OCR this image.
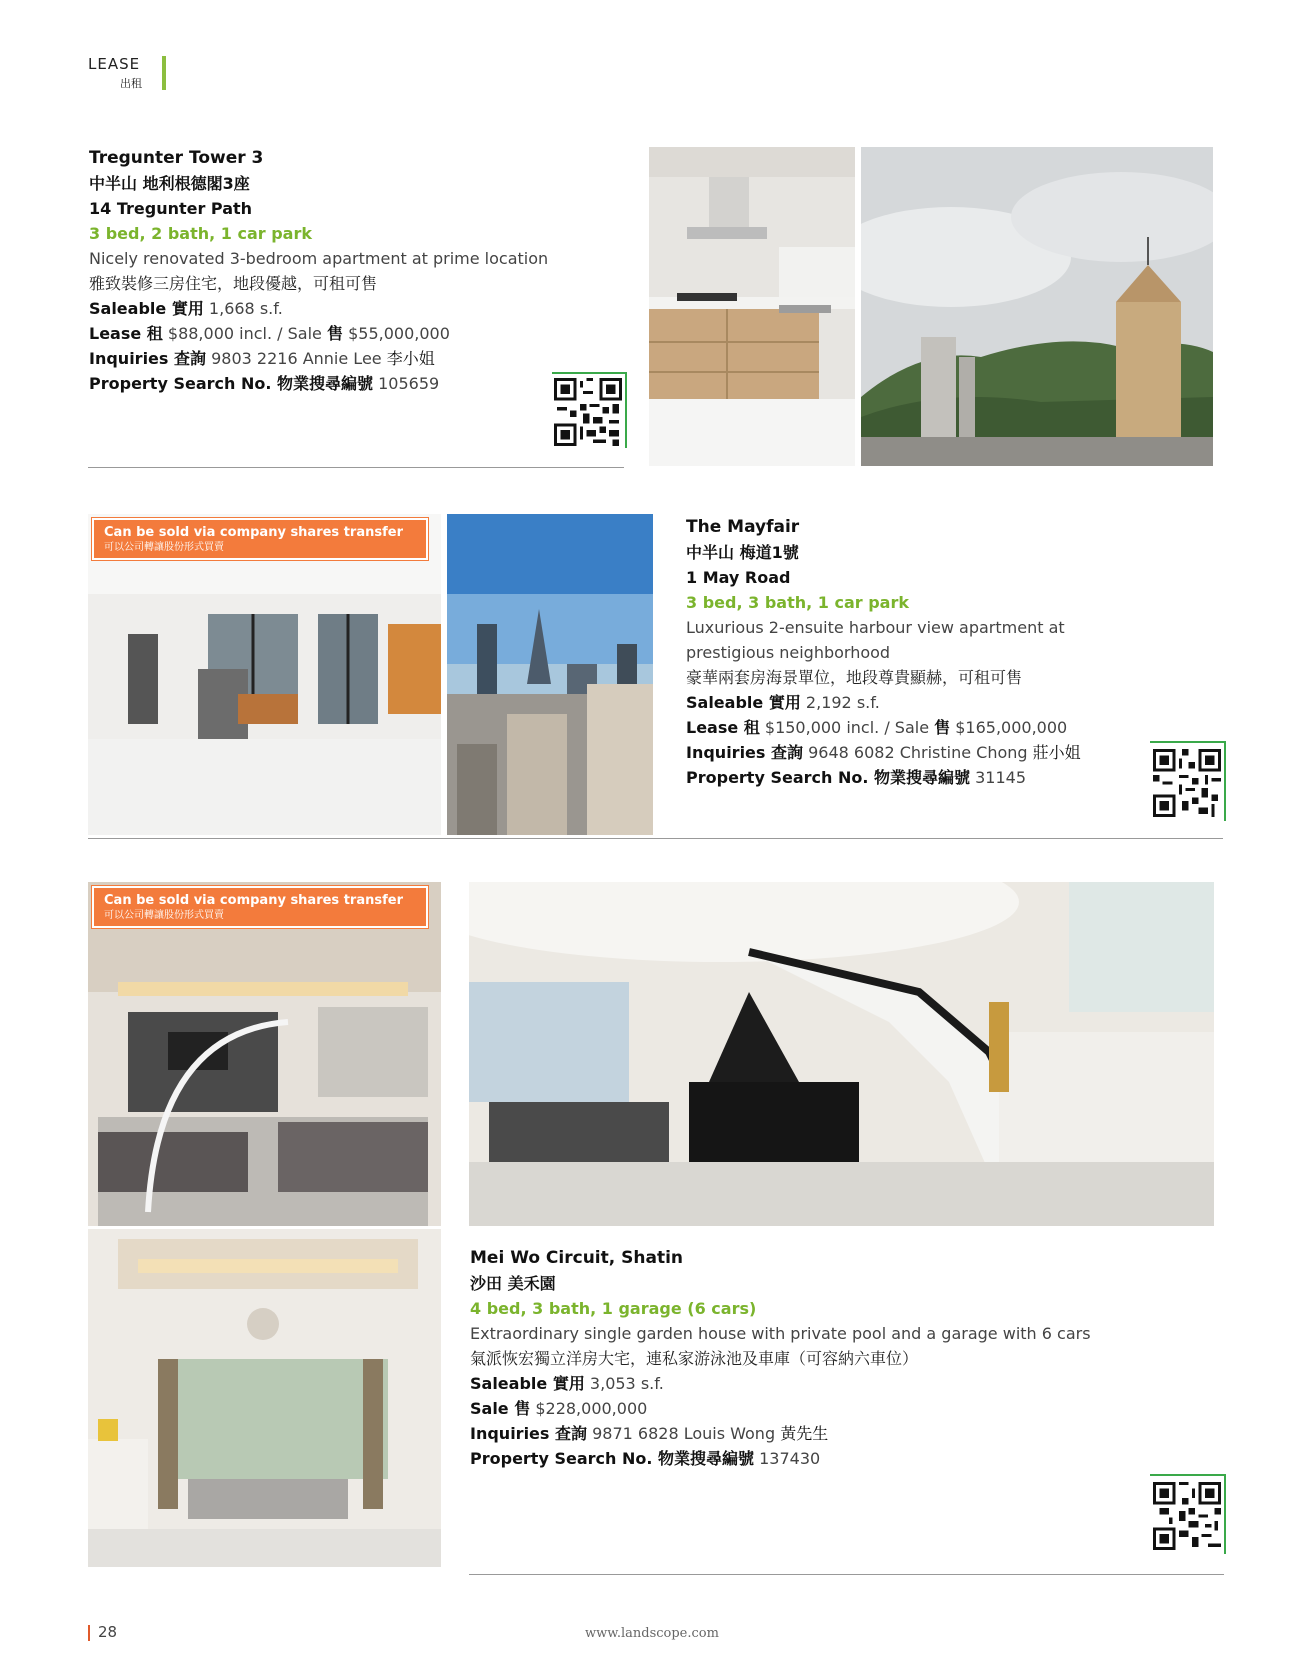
LEASE
出租
Tregunter Tower 3
中半山 地利根德閣3座
14 Tregunter Path
3 bed, 2 bath, 1 car park
Nicely renovated 3-bedroom apartment at prime location
雅致裝修三房住宅，地段優越，可租可售
Saleable 實用 1,668 s.f.
Lease 租 $88,000 incl. / Sale 售 $55,000,000
Inquiries 查詢 9803 2216 Annie Lee 李小姐
Property Search No. 物業搜尋編號 105659
Can be sold via company shares transfer
可以公司轉讓股份形式買賣
The Mayfair
中半山 梅道1號
1 May Road
3 bed, 3 bath, 1 car park
Luxurious 2-ensuite harbour view apartment at
prestigious neighborhood
豪華兩套房海景單位，地段尊貴顯赫，可租可售
Saleable 實用 2,192 s.f.
Lease 租 $150,000 incl. / Sale 售 $165,000,000
Inquiries 查詢 9648 6082 Christine Chong 莊小姐
Property Search No. 物業搜尋編號 31145
Can be sold via company shares transfer
可以公司轉讓股份形式買賣
Mei Wo Circuit, Shatin
沙田 美禾園
4 bed, 3 bath, 1 garage (6 cars)
Extraordinary single garden house with private pool and a garage with 6 cars
氣派恢宏獨立洋房大宅，連私家游泳池及車庫（可容納六車位）
Saleable 實用 3,053 s.f.
Sale 售 $228,000,000
Inquiries 查詢 9871 6828 Louis Wong 黃先生
Property Search No. 物業搜尋編號 137430
28	www.landscope.com
